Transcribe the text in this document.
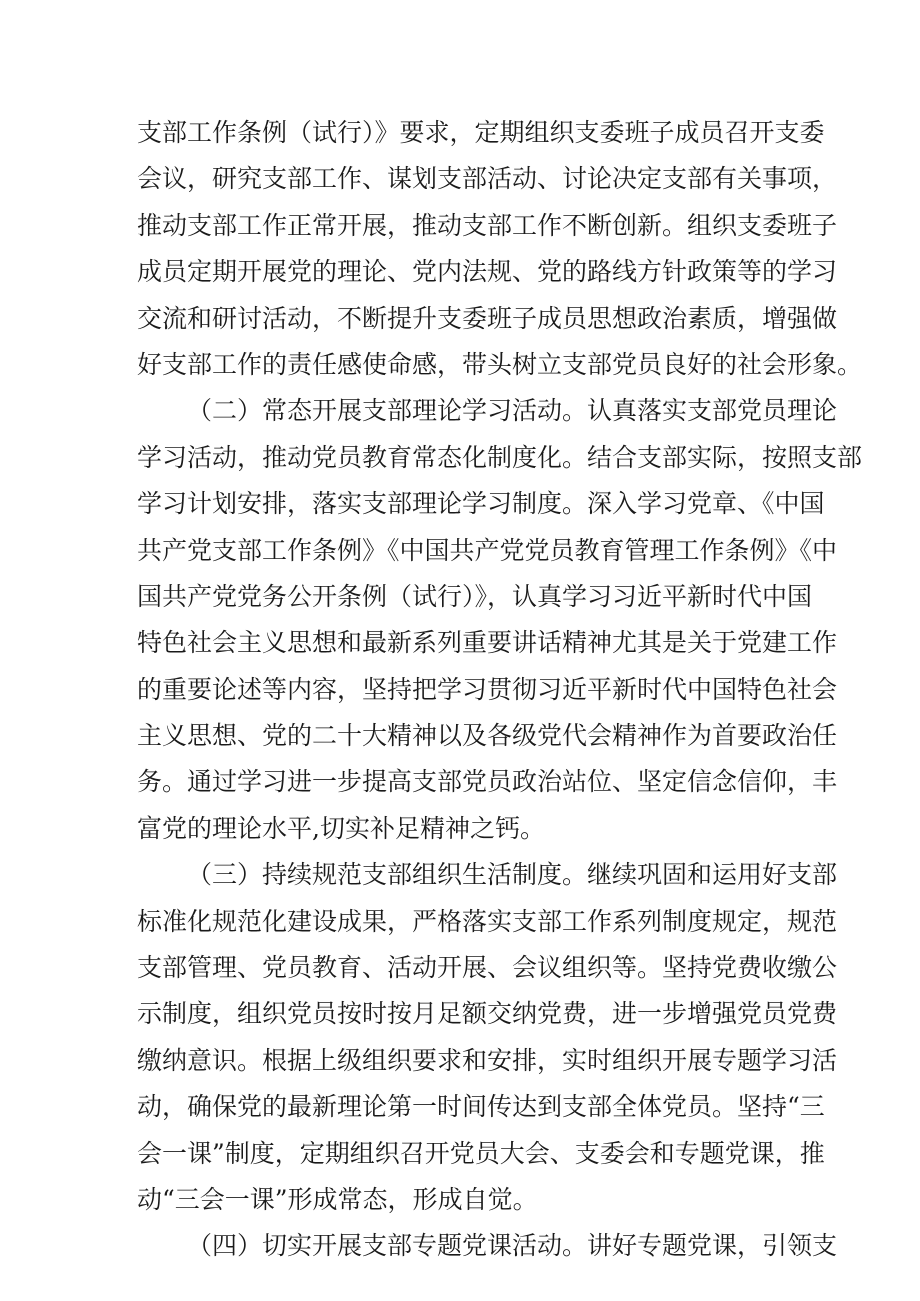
支部工作条例（试行）》要求，定期组织支委班子成员召开支委
会议，研究支部工作、谋划支部活动、讨论决定支部有关事项，
推动支部工作正常开展，推动支部工作不断创新。组织支委班子
成员定期开展党的理论、党内法规、党的路线方针政策等的学习
交流和研讨活动，不断提升支委班子成员思想政治素质，增强做
好支部工作的责任感使命感，带头树立支部党员良好的社会形象。
（二）常态开展支部理论学习活动。认真落实支部党员理论
学习活动，推动党员教育常态化制度化。结合支部实际，按照支部
学习计划安排，落实支部理论学习制度。深入学习党章、《中国
共产党支部工作条例》《中国共产党党员教育管理工作条例》《中
国共产党党务公开条例（试行）》，认真学习习近平新时代中国
特色社会主义思想和最新系列重要讲话精神尤其是关于党建工作
的重要论述等内容，坚持把学习贯彻习近平新时代中国特色社会
主义思想、党的二十大精神以及各级党代会精神作为首要政治任
务。通过学习进一步提高支部党员政治站位、坚定信念信仰，丰
富党的理论水平,切实补足精神之钙。
（三）持续规范支部组织生活制度。继续巩固和运用好支部
标准化规范化建设成果，严格落实支部工作系列制度规定，规范
支部管理、党员教育、活动开展、会议组织等。坚持党费收缴公
示制度，组织党员按时按月足额交纳党费，进一步增强党员党费
缴纳意识。根据上级组织要求和安排，实时组织开展专题学习活
动，确保党的最新理论第一时间传达到支部全体党员。坚持“三
会一课”制度，定期组织召开党员大会、支委会和专题党课，推
动“三会一课”形成常态，形成自觉。
（四）切实开展支部专题党课活动。讲好专题党课，引领支
